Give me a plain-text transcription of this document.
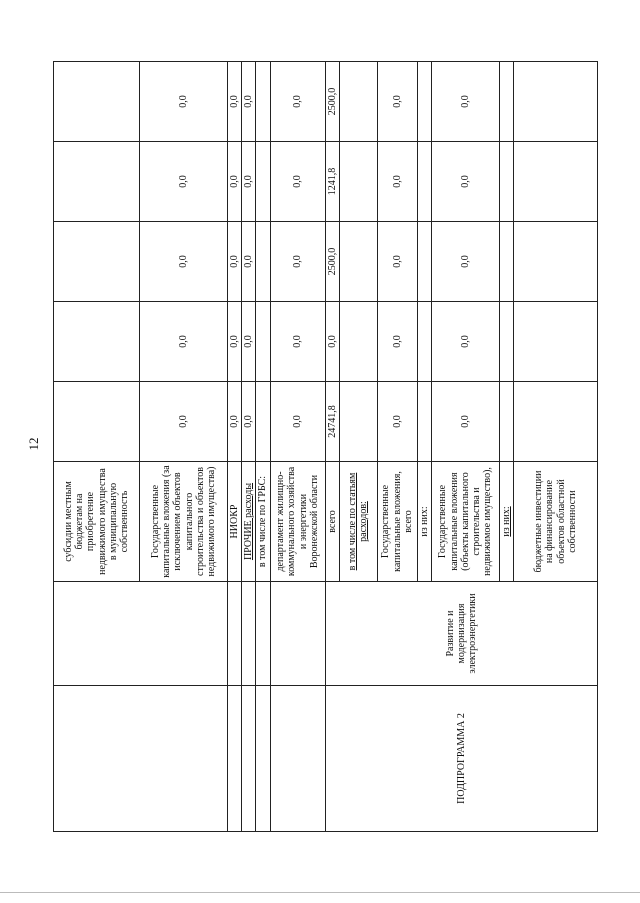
12
		субсидии местным бюджетам на приобретение недвижимого имущества в муниципальную собственность					
		Государственные капитальные вложения (за исключением объектов капитального строительства и объектов недвижимого имущества)	0,0	0,0	0,0	0,0	0,0
		НИОКР	0,0	0,0	0,0	0,0	0,0
		ПРОЧИЕ расходы	0,0	0,0	0,0	0,0	0,0
		в том числе по ГРБС:					
		департамент жилищно-коммунального хозяйства и энергетики Воронежской области	0,0	0,0	0,0	0,0	0,0
ПОДПРОГРАММА 2	Развитие и модернизация электроэнергетики	всего	24741,8	0,0	2500,0	1241,8	2500,0
		в том числе по статьям расходов:					
		Государственные капитальные вложения, всего	0,0	0,0	0,0	0,0	0,0
		из них:					
		Государственные капитальные вложения (объекты капитального строительства и недвижимое имущество),	0,0	0,0	0,0	0,0	0,0
		из них:					
		бюджетные инвестиции на финансирование объектов областной собственности					
